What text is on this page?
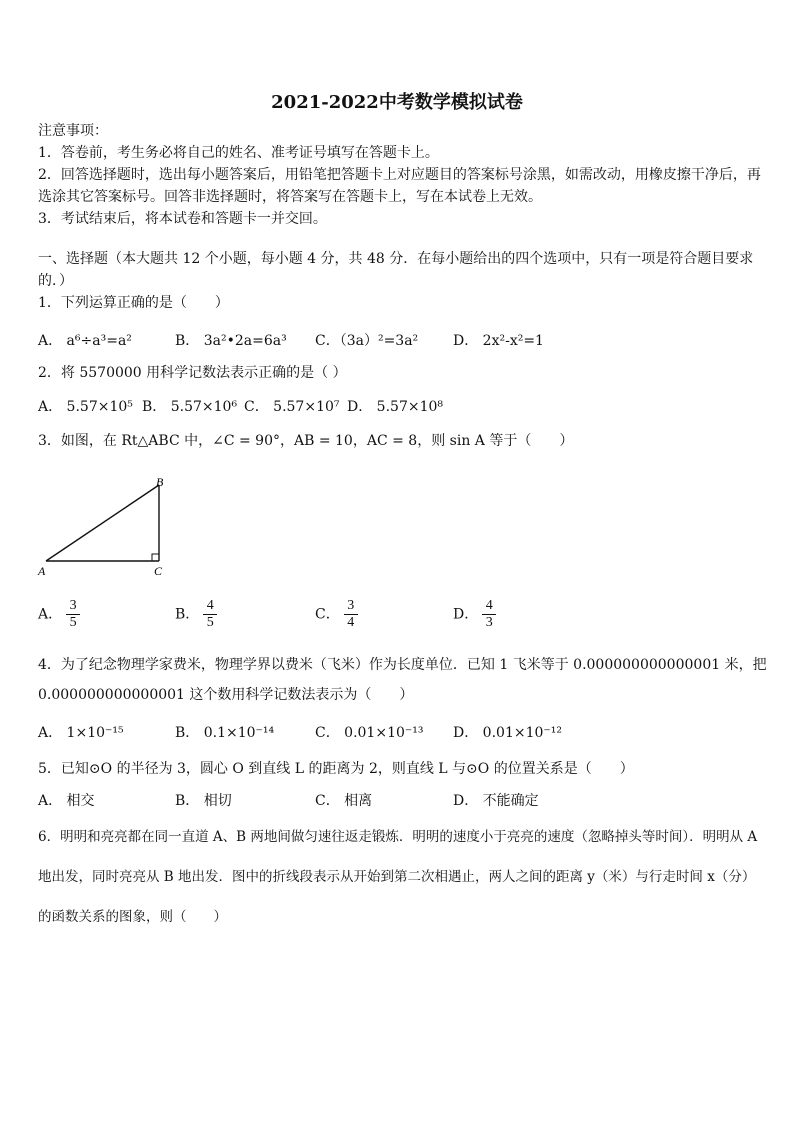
2021-2022中考数学模拟试卷
注意事项：
1．答卷前，考生务必将自己的姓名、准考证号填写在答题卡上。
2．回答选择题时，选出每小题答案后，用铅笔把答题卡上对应题目的答案标号涂黑，如需改动，用橡皮擦干净后，再
选涂其它答案标号。回答非选择题时，将答案写在答题卡上，写在本试卷上无效。
3．考试结束后，将本试卷和答题卡一并交回。
一、选择题（本大题共 12 个小题，每小题 4 分，共 48 分．在每小题给出的四个选项中，只有一项是符合题目要求
的．）
1．下列运算正确的是（　　）
A． a⁶÷a³=a²	B． 3a²•2a=6a³ C．（3a）²=3a² D． 2x²-x²=1
2．将 5570000 用科学记数法表示正确的是（ ）
A． 5.57×10⁵ B． 5.57×10⁶ C． 5.57×10⁷ D． 5.57×10⁸
3．如图，在 Rt△ABC 中，∠C = 90°，AB = 10，AC = 8，则 sin A 等于（　　）
A	C
B
A． $\frac{3}{5}$	B． $\frac{4}{5}$	C． $\frac{3}{4}$	D． $\frac{4}{3}$
4．为了纪念物理学家费米，物理学界以费米（飞米）作为长度单位．已知 1 飞米等于 0.000000000000001 米，把
0.000000000000001 这个数用科学记数法表示为（　　）
A． 1×10⁻¹⁵	B． 0.1×10⁻¹⁴	C． 0.01×10⁻¹³ D． 0.01×10⁻¹²
5．已知⊙O 的半径为 3，圆心 O 到直线 L 的距离为 2，则直线 L 与⊙O 的位置关系是（　　）
A． 相交	B． 相切	C． 相离	D． 不能确定
6．明明和亮亮都在同一直道 A、B 两地间做匀速往返走锻炼．明明的速度小于亮亮的速度（忽略掉头等时间）．明明从 A
地出发，同时亮亮从 B 地出发．图中的折线段表示从开始到第二次相遇止，两人之间的距离 y（米）与行走时间 x（分）
的函数关系的图象，则（　　）
